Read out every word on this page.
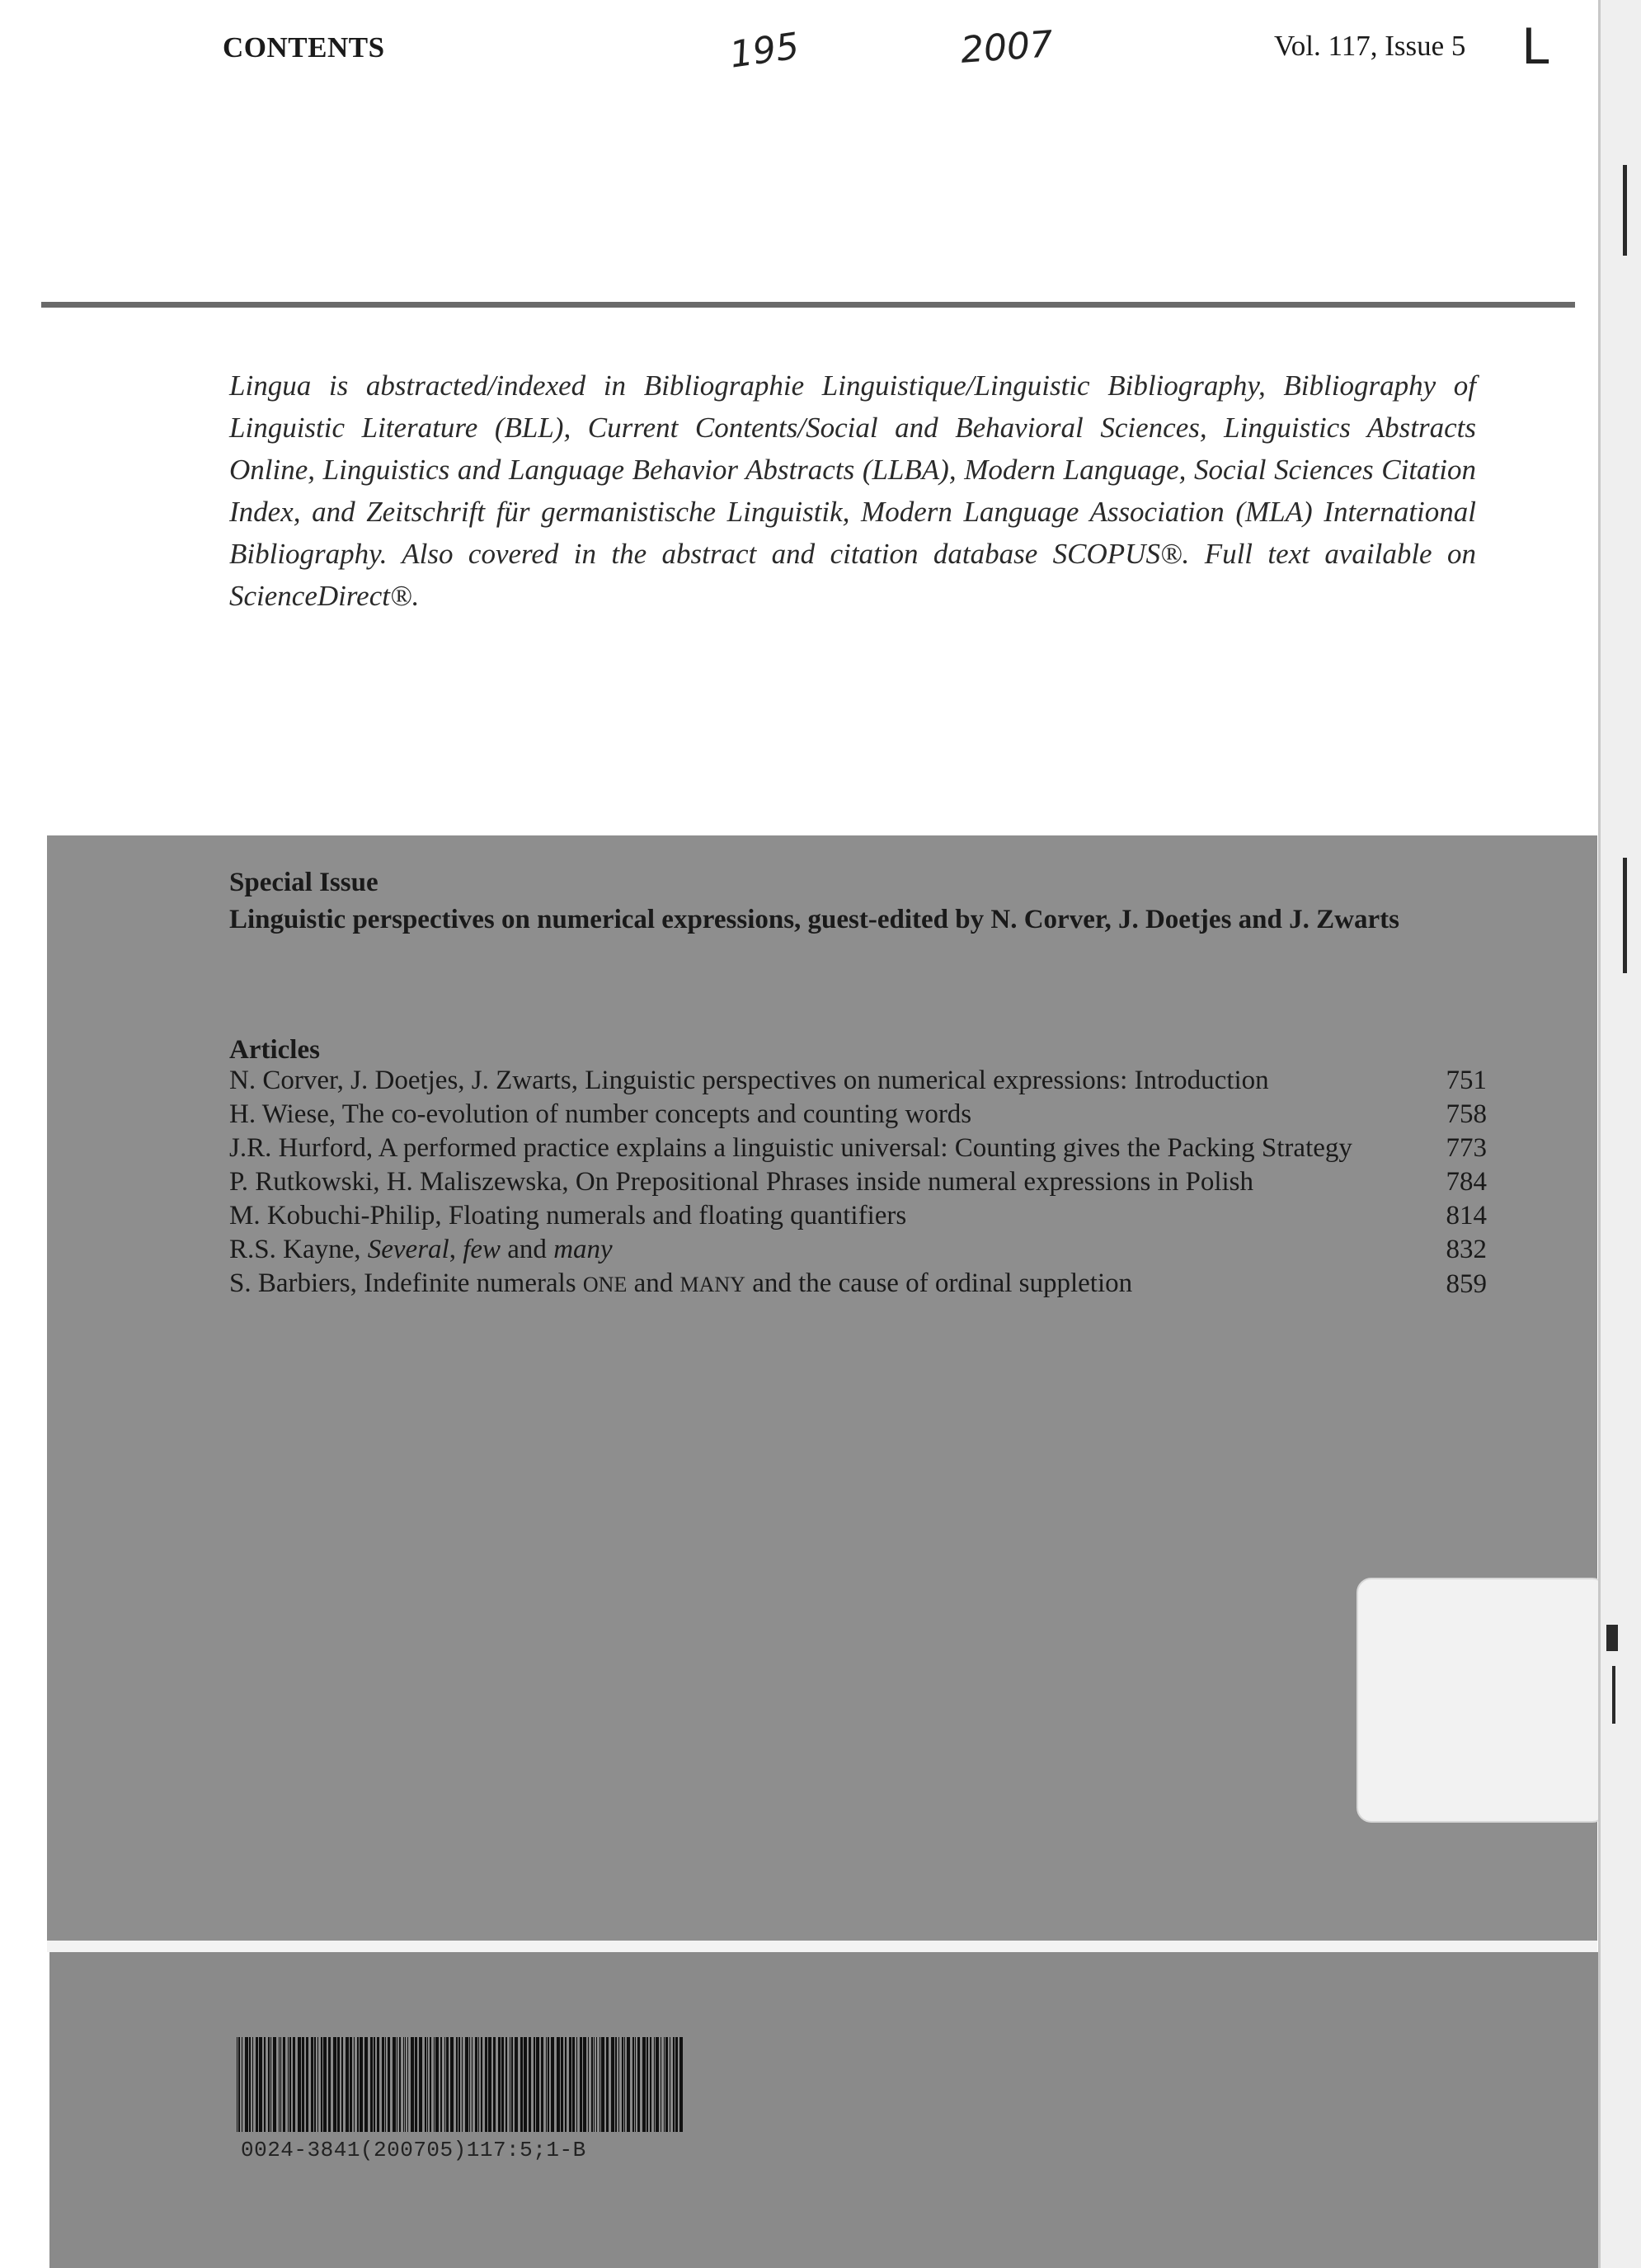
CONTENTS	195	2007	Vol. 117, Issue 5 L
Lingua is abstracted/indexed in Bibliographie Linguistique/Linguistic Bibliography, Bibliography of Linguistic Literature (BLL), Current Contents/Social and Behavioral Sciences, Linguistics Abstracts Online, Linguistics and Language Behavior Abstracts (LLBA), Modern Language, Social Sciences Citation Index, and Zeitschrift für germanistische Linguistik, Modern Language Association (MLA) International Bibliography. Also covered in the abstract and citation database SCOPUS®. Full text available on ScienceDirect®.
Special Issue
Linguistic perspectives on numerical expressions, guest-edited by N. Corver, J. Doetjes and J. Zwarts
Articles
N. Corver, J. Doetjes, J. Zwarts, Linguistic perspectives on numerical expressions: Introduction	751
H. Wiese, The co-evolution of number concepts and counting words	758
J.R. Hurford, A performed practice explains a linguistic universal: Counting gives the Packing Strategy	773
P. Rutkowski, H. Maliszewska, On Prepositional Phrases inside numeral expressions in Polish	784
M. Kobuchi-Philip, Floating numerals and floating quantifiers	814
R.S. Kayne, Several, few and many	832
S. Barbiers, Indefinite numerals ONE and MANY and the cause of ordinal suppletion	859
0024-3841(200705)117:5;1-B
